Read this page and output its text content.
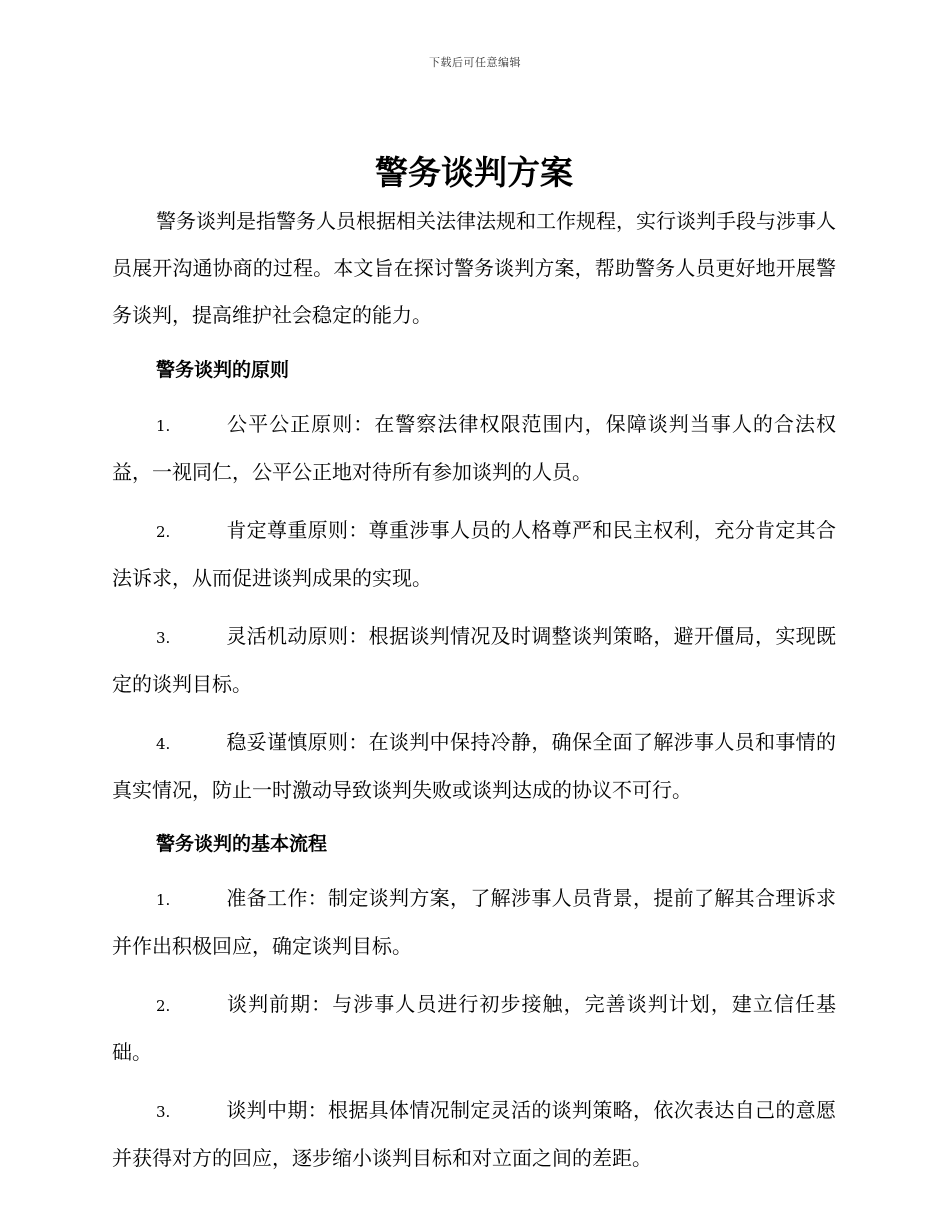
下载后可任意编辑
警务谈判方案

警务谈判是指警务人员根据相关法律法规和工作规程，实行谈判手段与涉事人员展开沟通协商的过程。本文旨在探讨警务谈判方案，帮助警务人员更好地开展警务谈判，提高维护社会稳定的能力。

警务谈判的原则

1.	公平公正原则：在警察法律权限范围内，保障谈判当事人的合法权益，一视同仁，公平公正地对待所有参加谈判的人员。

2.	肯定尊重原则：尊重涉事人员的人格尊严和民主权利，充分肯定其合法诉求，从而促进谈判成果的实现。

3.	灵活机动原则：根据谈判情况及时调整谈判策略，避开僵局，实现既定的谈判目标。

4.	稳妥谨慎原则：在谈判中保持冷静，确保全面了解涉事人员和事情的真实情况，防止一时激动导致谈判失败或谈判达成的协议不可行。

警务谈判的基本流程

1.	准备工作：制定谈判方案，了解涉事人员背景，提前了解其合理诉求并作出积极回应，确定谈判目标。

2.	谈判前期：与涉事人员进行初步接触，完善谈判计划，建立信任基础。

3.	谈判中期：根据具体情况制定灵活的谈判策略，依次表达自己的意愿并获得对方的回应，逐步缩小谈判目标和对立面之间的差距。
